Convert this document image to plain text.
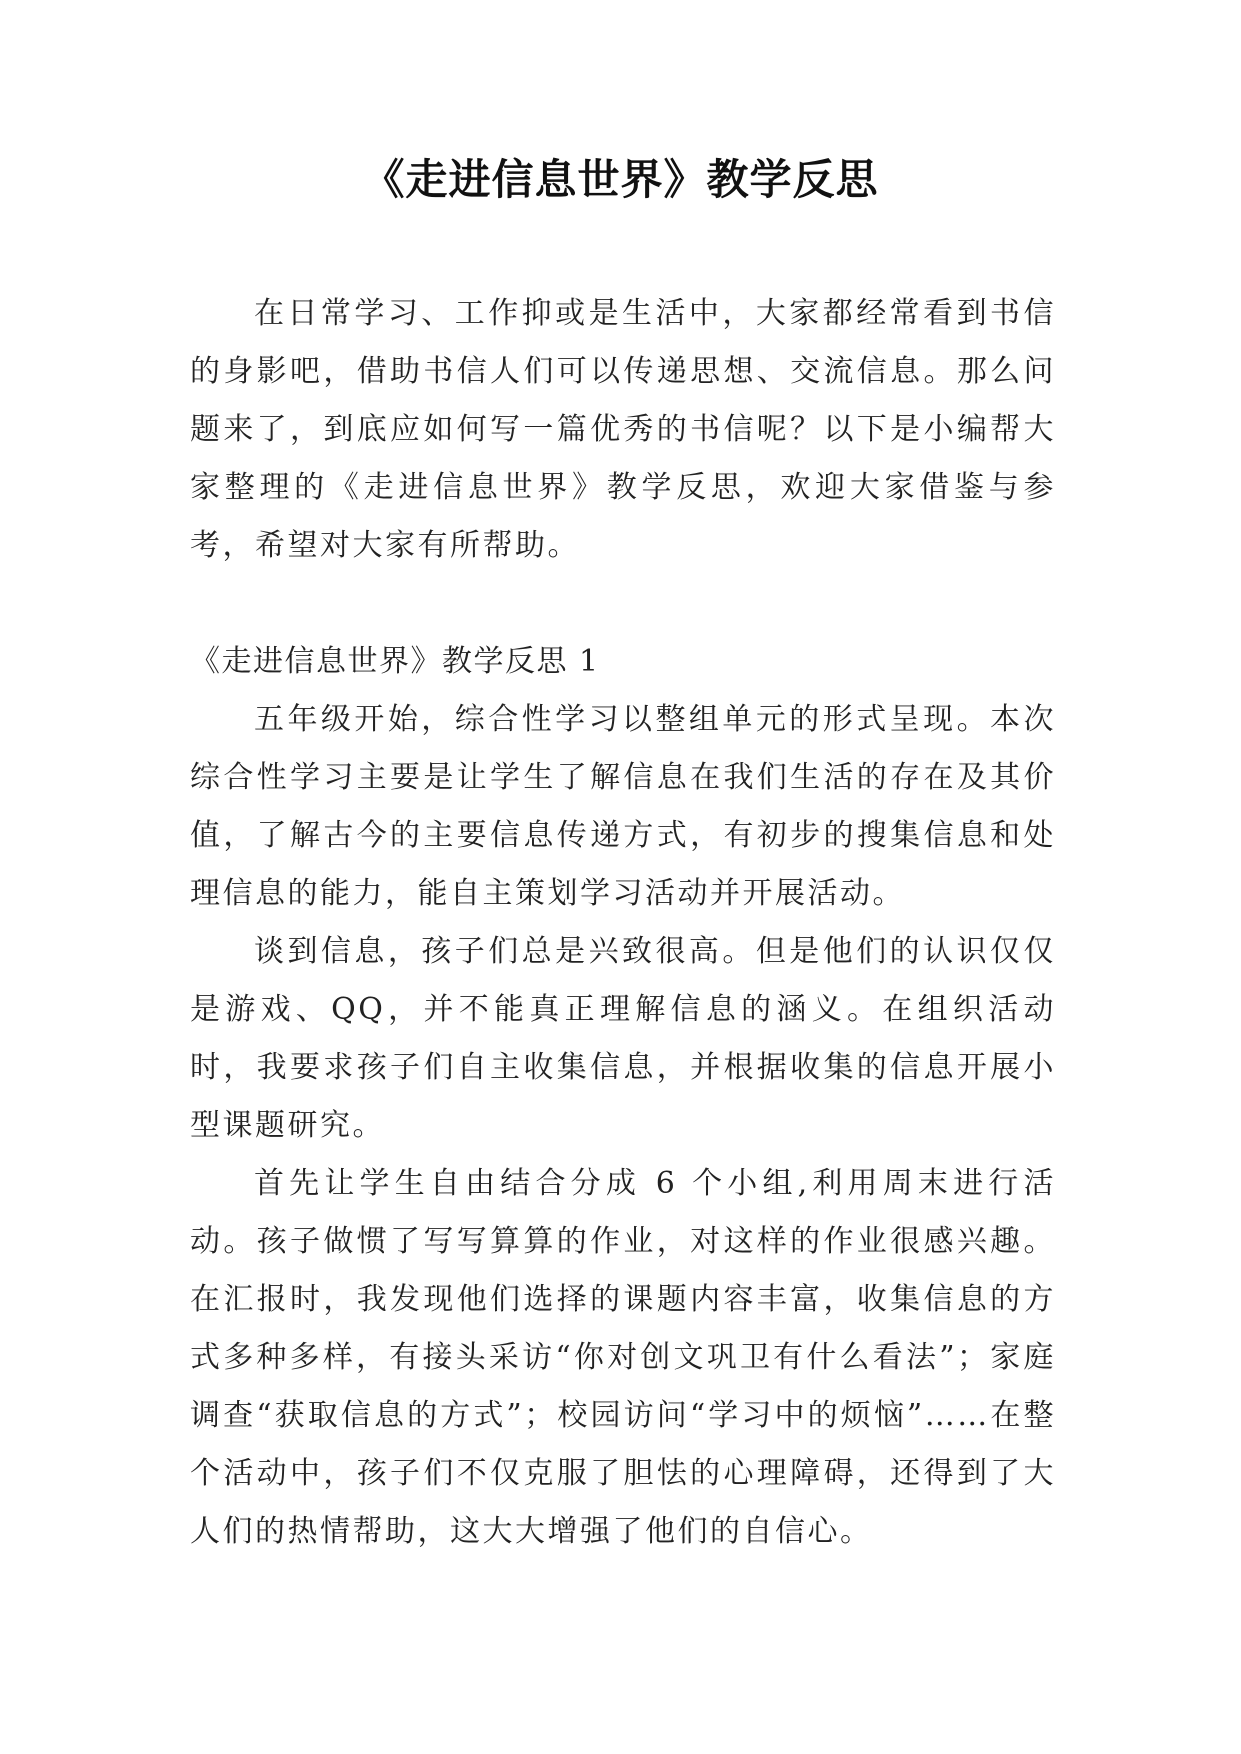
《走进信息世界》教学反思

在日常学习、工作抑或是生活中，大家都经常看到书信的身影吧，借助书信人们可以传递思想、交流信息。那么问题来了，到底应如何写一篇优秀的书信呢？以下是小编帮大家整理的《走进信息世界》教学反思，欢迎大家借鉴与参考，希望对大家有所帮助。

《走进信息世界》教学反思 1

五年级开始，综合性学习以整组单元的形式呈现。本次综合性学习主要是让学生了解信息在我们生活的存在及其价值，了解古今的主要信息传递方式，有初步的搜集信息和处理信息的能力，能自主策划学习活动并开展活动。

谈到信息，孩子们总是兴致很高。但是他们的认识仅仅是游戏、QQ，并不能真正理解信息的涵义。在组织活动时，我要求孩子们自主收集信息，并根据收集的信息开展小型课题研究。

首先让学生自由结合分成 6 个小组,利用周末进行活动。孩子做惯了写写算算的作业，对这样的作业很感兴趣。在汇报时，我发现他们选择的课题内容丰富，收集信息的方式多种多样，有接头采访“你对创文巩卫有什么看法”；家庭调查“获取信息的方式”；校园访问“学习中的烦恼”……在整个活动中，孩子们不仅克服了胆怯的心理障碍，还得到了大人们的热情帮助，这大大增强了他们的自信心。
